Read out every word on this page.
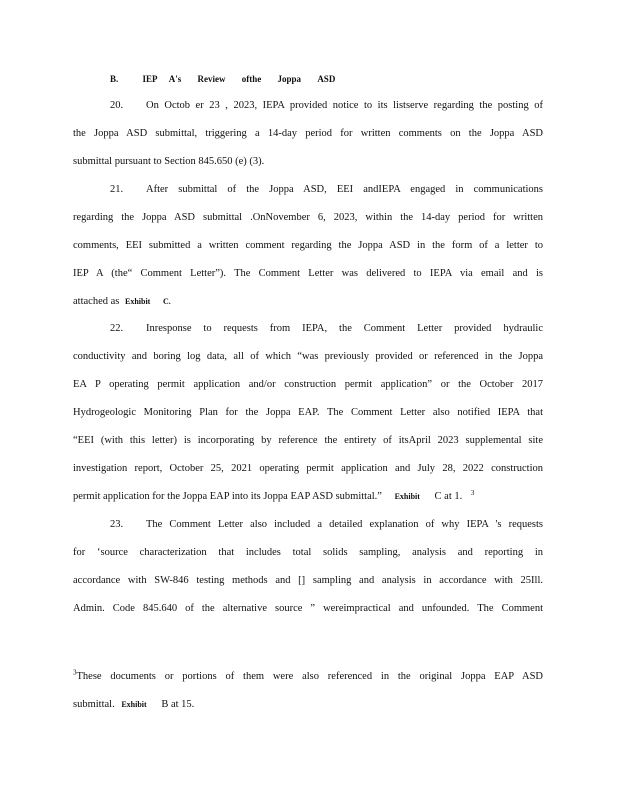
B.	IEP A's Review ofthe Joppa ASD
20. On Octob er 23 , 2023, IEPA provided notice to its listserve regarding the posting of
the Joppa ASD submittal, triggering a 14-day period for written comments on the Joppa ASD
submittal pursuant to Section 845.650 (e) (3).
21. After submittal of the Joppa ASD, EEI andIEPA engaged in communications
regarding the Joppa ASD submittal .OnNovember 6, 2023, within the 14-day period for written
comments, EEI submitted a written comment regarding the Joppa ASD in the form of a letter to
IEP A (the“ Comment Letter”). The Comment Letter was delivered to IEPA via email and is
attached as Exhibit C.
22. Inresponse to requests from IEPA, the Comment Letter provided hydraulic
conductivity and boring log data, all of which “was previously provided or referenced in the Joppa
EA P operating permit application and/or construction permit application” or the October 2017
Hydrogeologic Monitoring Plan for the Joppa EAP. The Comment Letter also notified IEPA that
“EEI (with this letter) is incorporating by reference the entirety of itsApril 2023 supplemental site
investigation report, October 25, 2021 operating permit application and July 28, 2022 construction
permit application for the Joppa EAP into its Joppa EAP ASD submittal.” Exhibit C at 1. $^3$
23. The Comment Letter also included a detailed explanation of why IEPA 's requests
for ‘source characterization that includes total solids sampling, analysis and reporting in
accordance with SW-846 testing methods and [] sampling and analysis in accordance with 25Ill.
Admin. Code 845.640 of the alternative source ” wereimpractical and unfounded. The Comment
$^3$These documents or portions of them were also referenced in the original Joppa EAP ASD
submittal. Exhibit B at 15.
